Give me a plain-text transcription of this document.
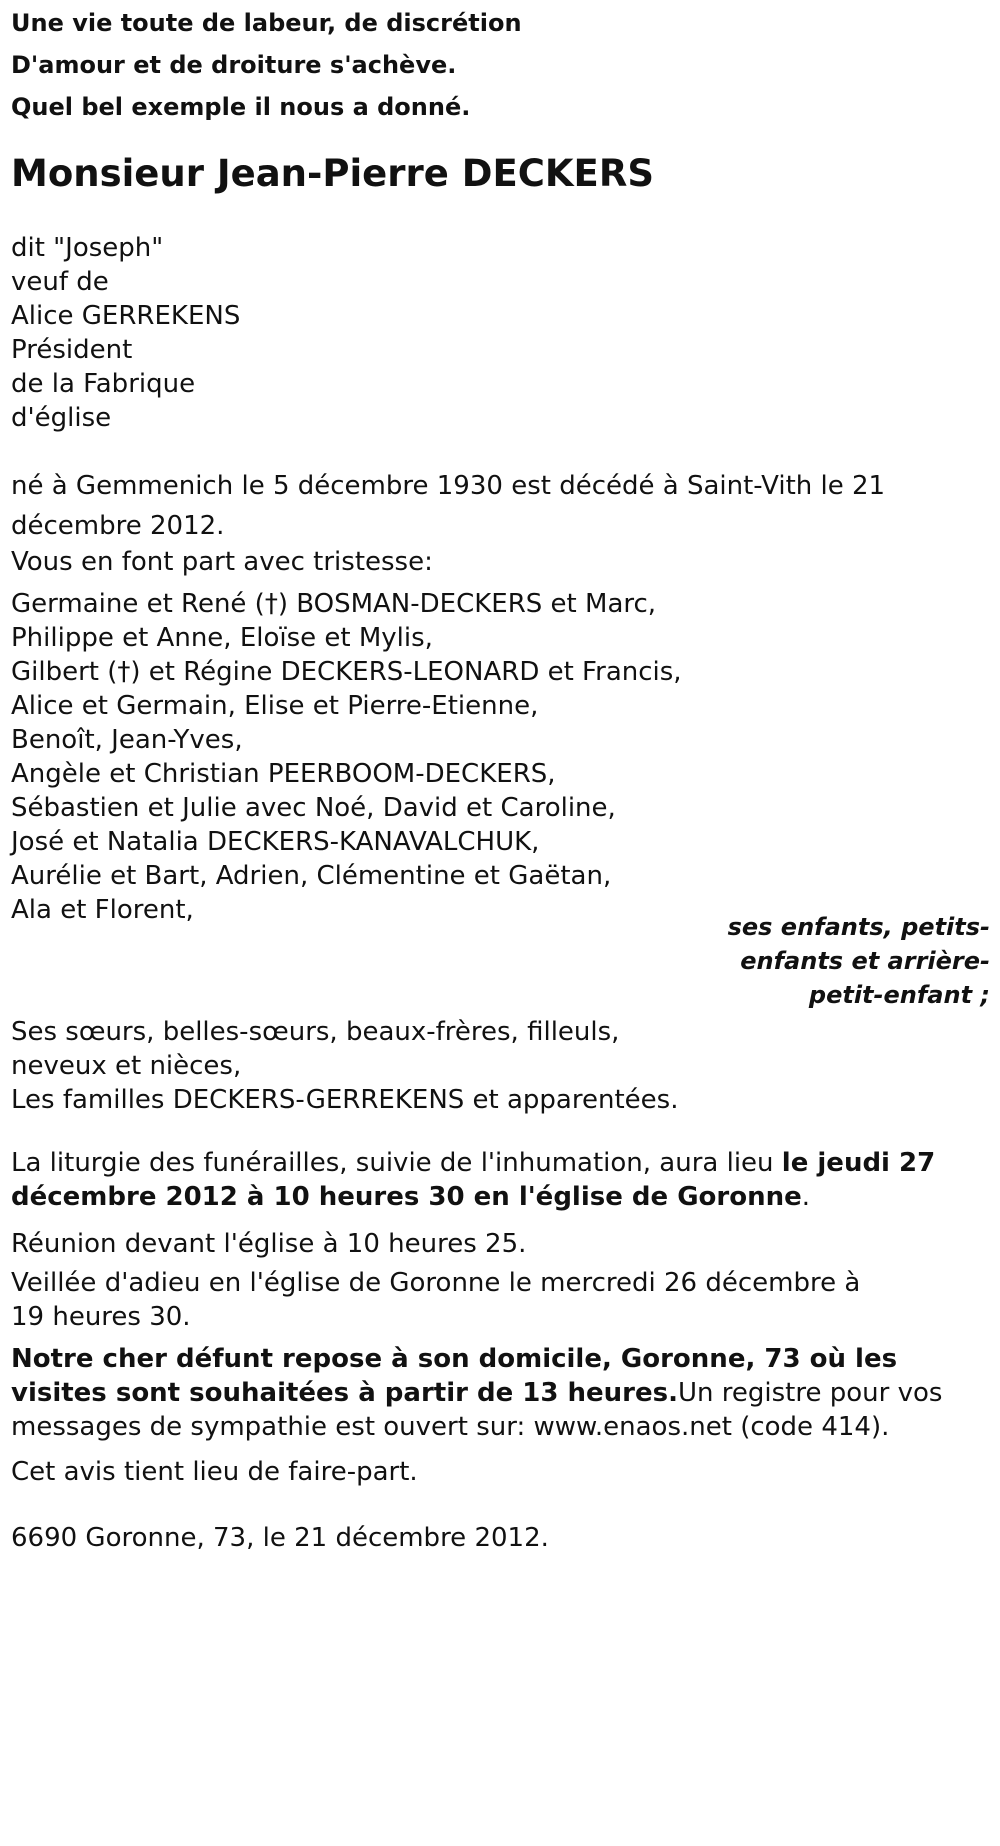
Une vie toute de labeur, de discrétion
D'amour et de droiture s'achève.
Quel bel exemple il nous a donné.
Monsieur Jean-Pierre DECKERS
dit "Joseph"
veuf de
Alice GERREKENS
Président
de la Fabrique
d'église
né à Gemmenich le 5 décembre 1930 est décédé à Saint-Vith le 21 décembre 2012.
Vous en font part avec tristesse:
Germaine et René (†) BOSMAN-DECKERS et Marc,
Philippe et Anne, Eloïse et Mylis,
Gilbert (†) et Régine DECKERS-LEONARD et Francis,
Alice et Germain, Elise et Pierre-Etienne,
Benoît, Jean-Yves,
Angèle et Christian PEERBOOM-DECKERS,
Sébastien et Julie avec Noé, David et Caroline,
José et Natalia DECKERS-KANAVALCHUK,
Aurélie et Bart, Adrien, Clémentine et Gaëtan,
Ala et Florent,
ses enfants, petits-enfants et arrière-petit-enfant ;
Ses sœurs, belles-sœurs, beaux-frères, filleuls,
neveux et nièces,
Les familles DECKERS-GERREKENS et apparentées.
La liturgie des funérailles, suivie de l'inhumation, aura lieu le jeudi 27 décembre 2012 à 10 heures 30 en l'église de Goronne.
Réunion devant l'église à 10 heures 25.
Veillée d'adieu en l'église de Goronne le mercredi 26 décembre à 19 heures 30.
Notre cher défunt repose à son domicile, Goronne, 73 où les visites sont souhaitées à partir de 13 heures.Un registre pour vos messages de sympathie est ouvert sur: www.enaos.net (code 414).
Cet avis tient lieu de faire-part.
6690 Goronne, 73, le 21 décembre 2012.
